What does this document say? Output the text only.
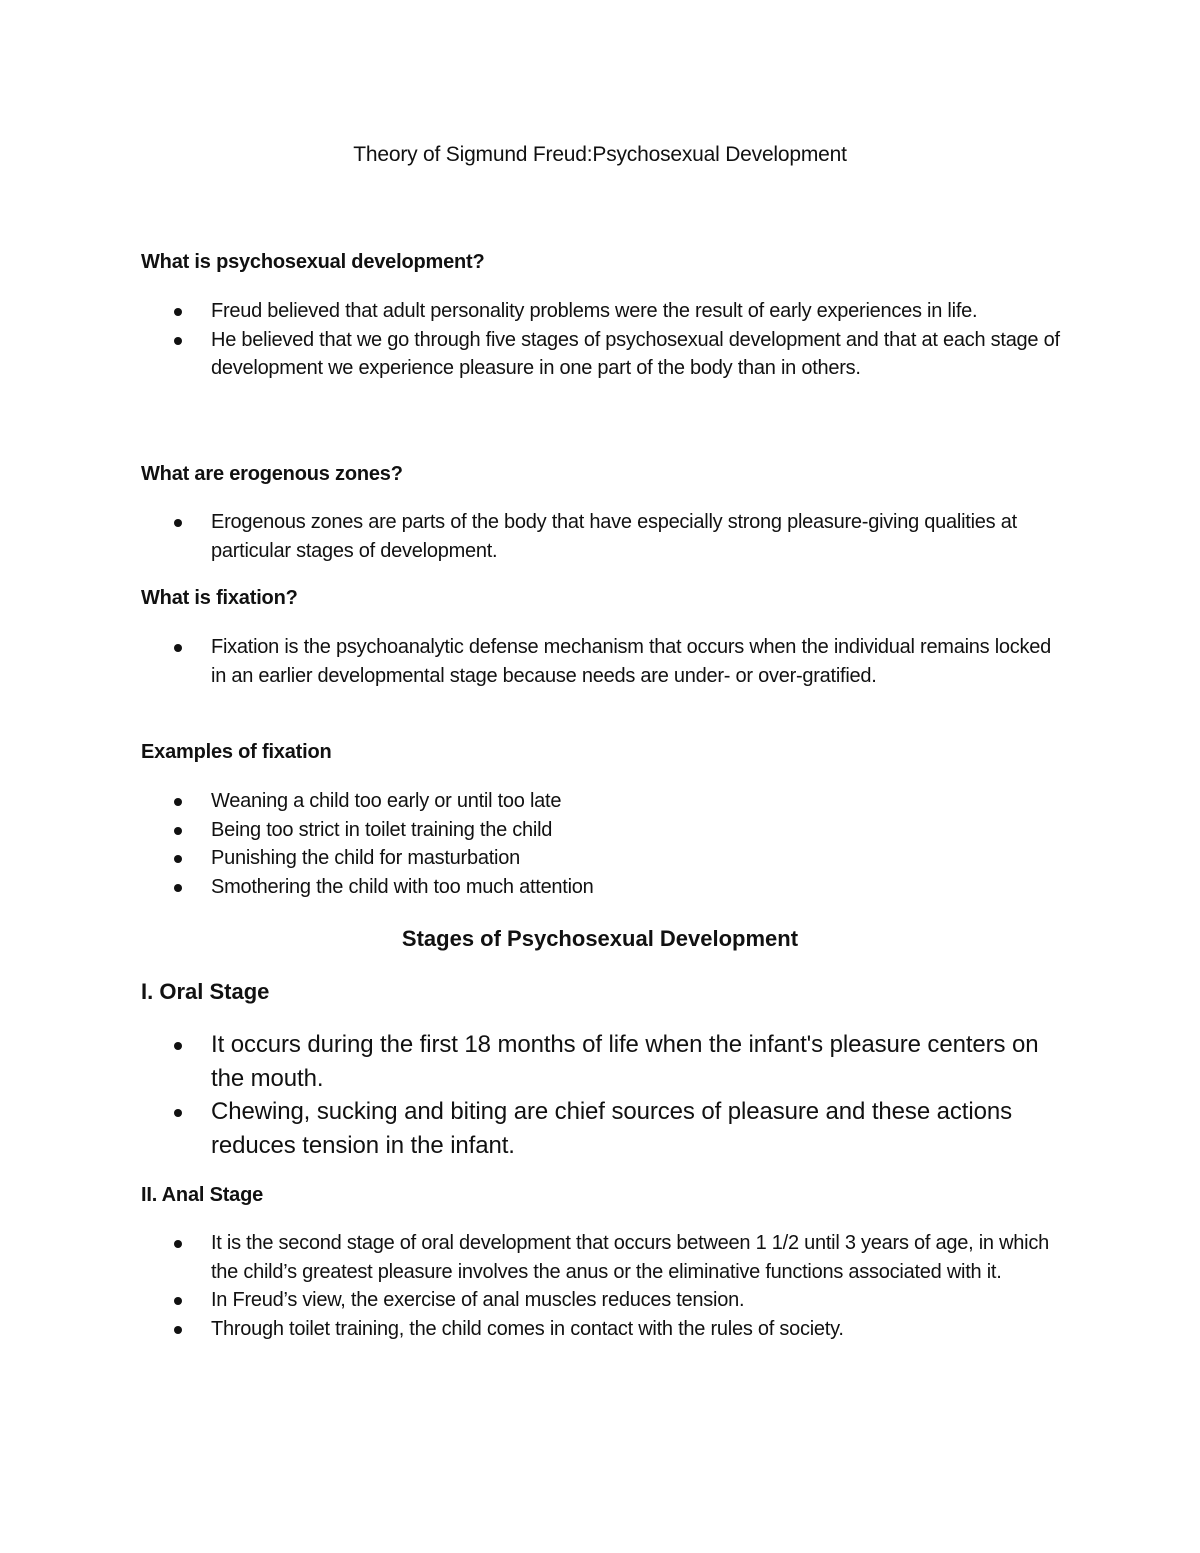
Theory of Sigmund Freud:Psychosexual Development
What is psychosexual development?
Freud believed that adult personality problems were the result of early experiences in life.
He believed that we go through five stages of psychosexual development and that at each stage of development we experience pleasure in one part of the body than in others.
What are erogenous zones?
Erogenous zones are parts of the body that have especially strong pleasure-giving qualities at particular stages of development.
What is fixation?
Fixation is the psychoanalytic defense mechanism that occurs when the individual remains locked in an earlier developmental stage because needs are under- or over-gratified.
Examples of fixation
Weaning a child too early or until too late
Being too strict in toilet training the child
Punishing the child for masturbation
Smothering the child with too much attention
Stages of Psychosexual Development
I. Oral Stage
It occurs during the first 18 months of life when the infant's pleasure centers on the mouth.
Chewing, sucking and biting are chief sources of pleasure and these actions reduces tension in the infant.
II. Anal Stage
It is the second stage of oral development that occurs between 1 1/2 until 3 years of age, in which the child’s greatest pleasure involves the anus or the eliminative functions associated with it.
In Freud’s view, the exercise of anal muscles reduces tension.
Through toilet training, the child comes in contact with the rules of society.
